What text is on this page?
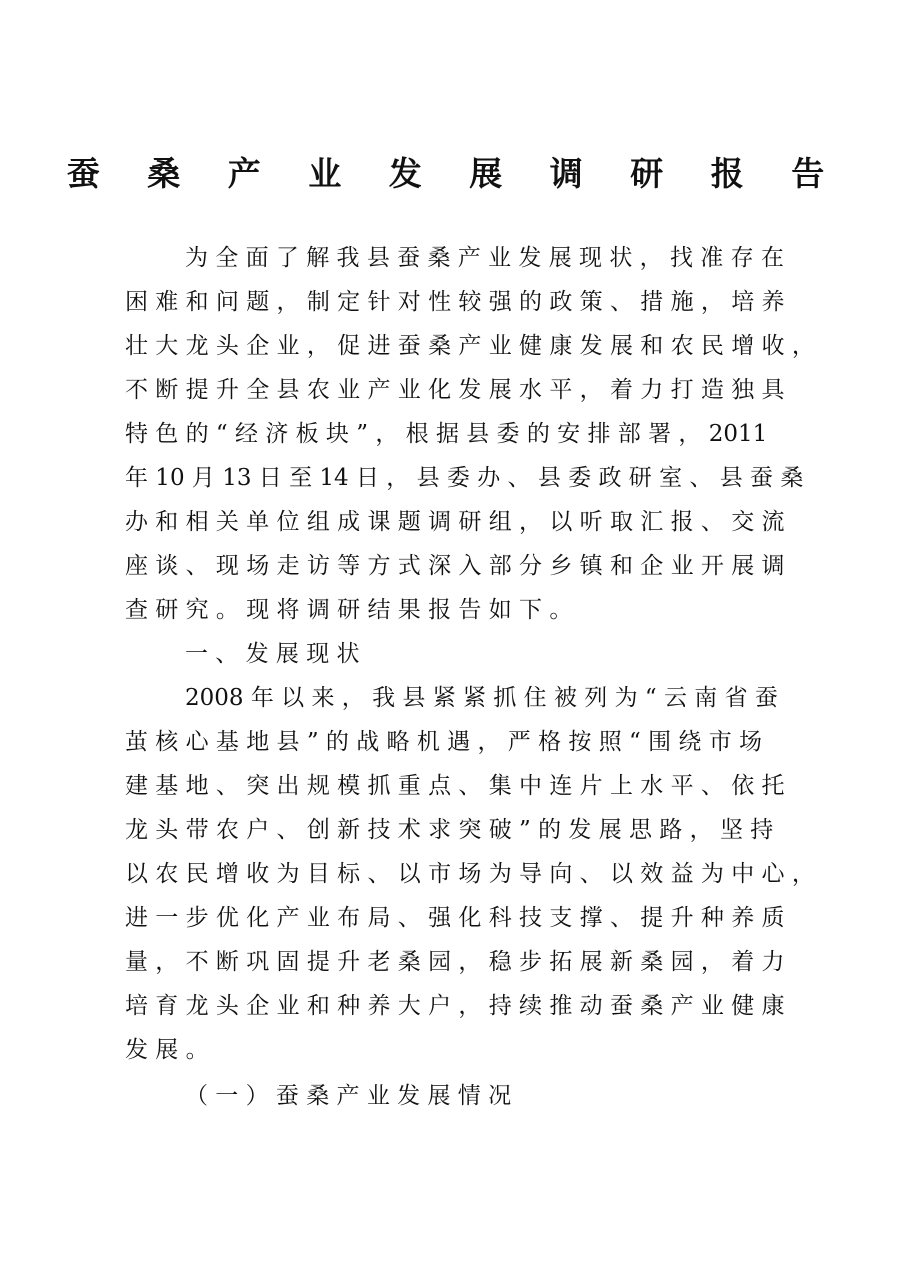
蚕 桑 产 业 发 展 调 研 报 告
为 全 面 了 解 我 县 蚕 桑 产 业 发 展 现 状 ， 找 准 存 在
困 难 和 问 题 ， 制 定 针 对 性 较 强 的 政 策 、 措 施 ， 培 养
壮 大 龙 头 企 业 ， 促 进 蚕 桑 产 业 健 康 发 展 和 农 民 增 收 ，
不 断 提 升 全 县 农 业 产 业 化 发 展 水 平 ， 着 力 打 造 独 具
特 色 的 “ 经 济 板 块 ” ， 根 据 县 委 的 安 排 部 署 ， 2011
年 10 月 13 日 至 14 日 ， 县 委 办 、 县 委 政 研 室 、 县 蚕 桑
办 和 相 关 单 位 组 成 课 题 调 研 组 ， 以 听 取 汇 报 、 交 流
座 谈 、 现 场 走 访 等 方 式 深 入 部 分 乡 镇 和 企 业 开 展 调
查 研 究 。 现 将 调 研 结 果 报 告 如 下 。
一 、 发 展 现 状
2008 年 以 来 ， 我 县 紧 紧 抓 住 被 列 为 “ 云 南 省 蚕
茧 核 心 基 地 县 ” 的 战 略 机 遇 ， 严 格 按 照 “ 围 绕 市 场
建 基 地 、 突 出 规 模 抓 重 点 、 集 中 连 片 上 水 平 、 依 托
龙 头 带 农 户 、 创 新 技 术 求 突 破 ” 的 发 展 思 路 ， 坚 持
以 农 民 增 收 为 目 标 、 以 市 场 为 导 向 、 以 效 益 为 中 心 ，
进 一 步 优 化 产 业 布 局 、 强 化 科 技 支 撑 、 提 升 种 养 质
量 ， 不 断 巩 固 提 升 老 桑 园 ， 稳 步 拓 展 新 桑 园 ， 着 力
培 育 龙 头 企 业 和 种 养 大 户 ， 持 续 推 动 蚕 桑 产 业 健 康
发 展 。
（ 一 ） 蚕 桑 产 业 发 展 情 况
